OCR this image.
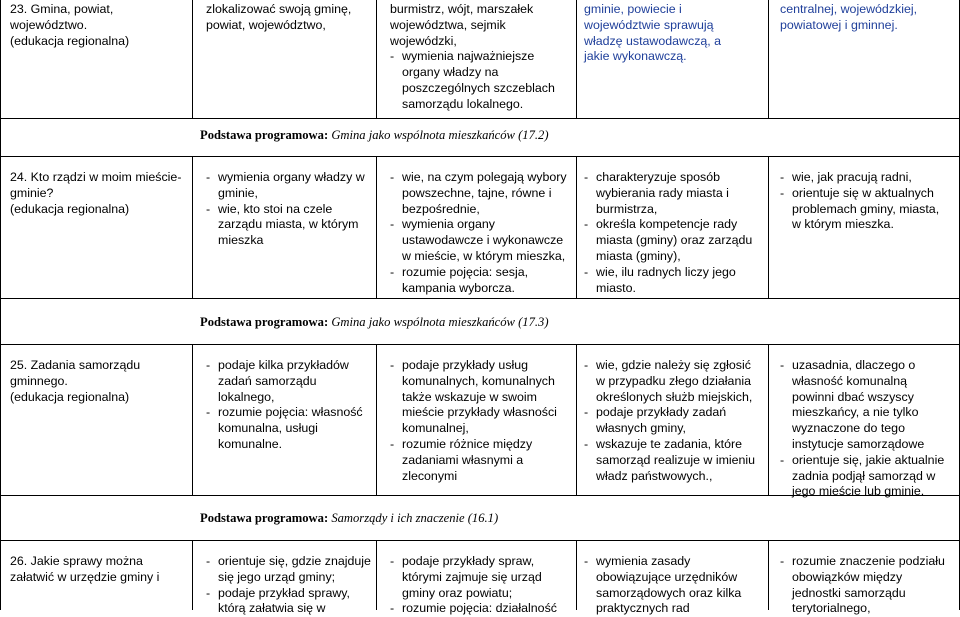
23. Gmina, powiat,
województwo.
(edukacja regionalna)
zlokalizować swoją gminę,
powiat, województwo,
burmistrz, wójt, marszałek
województwa, sejmik
wojewódzki,
- wymienia najważniejsze
organy władzy na
poszczególnych szczeblach
samorządu lokalnego.
gminie, powiecie i
województwie sprawują
władzę ustawodawczą, a
jakie wykonawczą.
centralnej, wojewódzkiej,
powiatowej i gminnej.
Podstawa programowa: Gmina jako wspólnota mieszkańców (17.2)
24. Kto rządzi w moim mieście-
gminie?
(edukacja regionalna)
- wymienia organy władzy w
gminie,
- wie, kto stoi na czele
zarządu miasta, w którym
mieszka
- wie, na czym polegają wybory
powszechne, tajne, równe i
bezpośrednie,
- wymienia organy
ustawodawcze i wykonawcze
w mieście, w którym mieszka,
- rozumie pojęcia: sesja,
kampania wyborcza.
- charakteryzuje sposób
wybierania rady miasta i
burmistrza,
- określa kompetencje rady
miasta (gminy) oraz zarządu
miasta (gminy),
- wie, ilu radnych liczy jego
miasto.
- wie, jak pracują radni,
- orientuje się w aktualnych
problemach gminy, miasta,
w którym mieszka.
Podstawa programowa: Gmina jako wspólnota mieszkańców (17.3)
25. Zadania samorządu
gminnego.
(edukacja regionalna)
- podaje kilka przykładów
zadań samorządu
lokalnego,
- rozumie pojęcia: własność
komunalna, usługi
komunalne.
- podaje przykłady usług
komunalnych, komunalnych
także wskazuje w swoim
mieście przykłady własności
komunalnej,
- rozumie różnice między
zadaniami własnymi a
zleconymi
- wie, gdzie należy się zgłosić
w przypadku złego działania
określonych służb miejskich,
- podaje przykłady zadań
własnych gminy,
- wskazuje te zadania, które
samorząd realizuje w imieniu
władz państwowych.,
- uzasadnia, dlaczego o
własność komunalną
powinni dbać wszyscy
mieszkańcy, a nie tylko
wyznaczone do tego
instytucje samorządowe
- orientuje się, jakie aktualnie
zadnia podjął samorząd w
jego mieście lub gminie.
Podstawa programowa: Samorządy i ich znaczenie (16.1)
26. Jakie sprawy można
załatwić w urzędzie gminy i
- orientuje się, gdzie znajduje
się jego urząd gminy;
- podaje przykład sprawy,
którą załatwia się w
- podaje przykłady spraw,
którymi zajmuje się urząd
gminy oraz powiatu;
- rozumie pojęcia: działalność
- wymienia zasady
obowiązujące urzędników
samorządowych oraz kilka
praktycznych rad
- rozumie znaczenie podziału
obowiązków między
jednostki samorządu
terytorialnego,
